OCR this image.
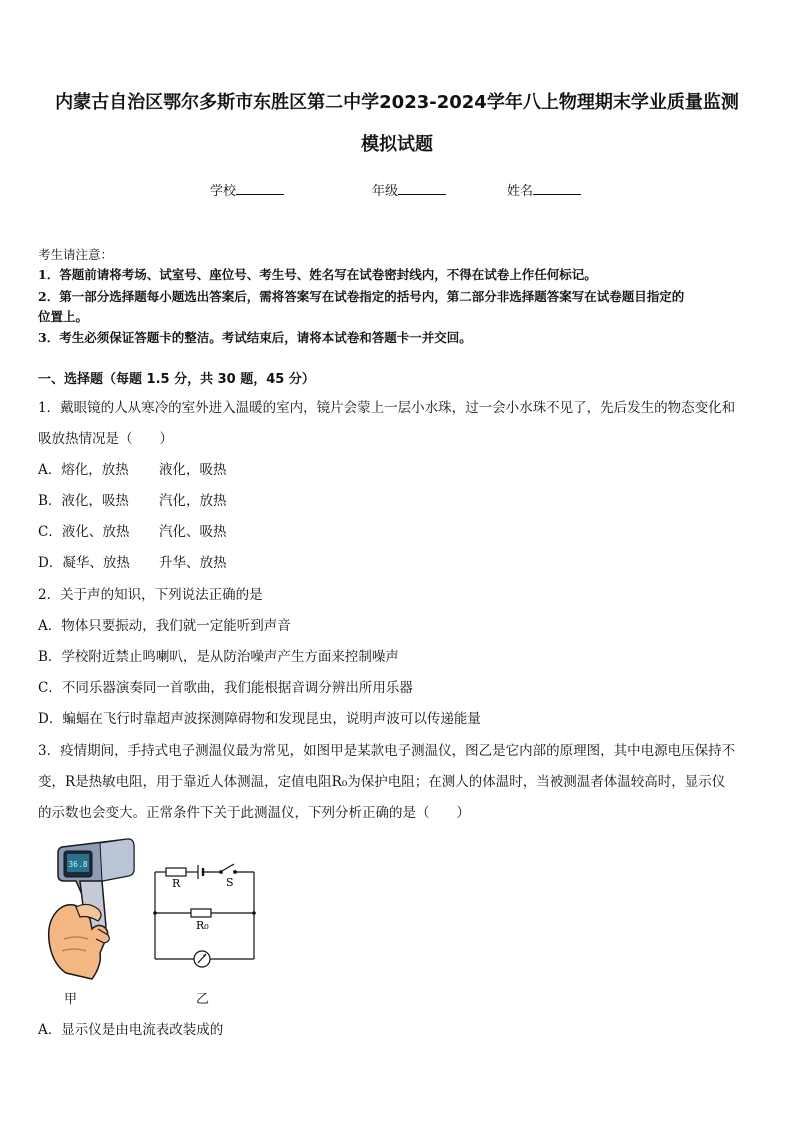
内蒙古自治区鄂尔多斯市东胜区第二中学2023-2024学年八上物理期末学业质量监测
模拟试题
学校	年级	姓名
考生请注意：
1．答题前请将考场、试室号、座位号、考生号、姓名写在试卷密封线内，不得在试卷上作任何标记。
2．第一部分选择题每小题选出答案后，需将答案写在试卷指定的括号内，第二部分非选择题答案写在试卷题目指定的
位置上。
3．考生必须保证答题卡的整洁。考试结束后，请将本试卷和答题卡一并交回。
一、选择题（每题 1.5 分，共 30 题，45 分）
1．戴眼镜的人从寒冷的室外进入温暖的室内，镜片会蒙上一层小水珠，过一会小水珠不见了，先后发生的物态变化和
吸放热情况是（　　）
A．熔化，放热 液化，吸热
B．液化，吸热 汽化，放热
C．液化、放热 汽化、吸热
D．凝华、放热 升华、放热
2．关于声的知识，下列说法正确的是
A．物体只要振动，我们就一定能听到声音
B．学校附近禁止鸣喇叭，是从防治噪声产生方面来控制噪声
C．不同乐器演奏同一首歌曲，我们能根据音调分辨出所用乐器
D．蝙蝠在飞行时靠超声波探测障碍物和发现昆虫，说明声波可以传递能量
3．疫情期间，手持式电子测温仪最为常见，如图甲是某款电子测温仪，图乙是它内部的原理图，其中电源电压保持不
变，R是热敏电阻，用于靠近人体测温，定值电阻R₀为保护电阻；在测人的体温时，当被测温者体温较高时，显示仪
的示数也会变大。正常条件下关于此测温仪，下列分析正确的是（　　）
36.8
甲
R	S
R₀
乙
A．显示仪是由电流表改装成的
